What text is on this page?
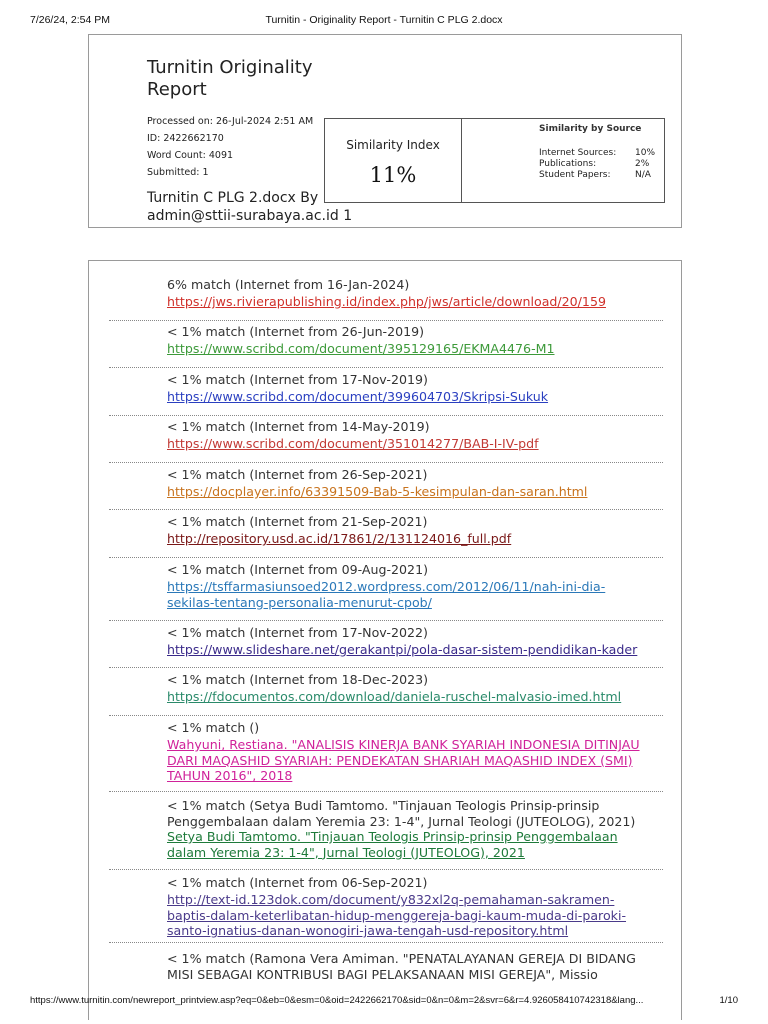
7/26/24, 2:54 PM	Turnitin - Originality Report - Turnitin C PLG 2.docx
Turnitin Originality Report
Processed on: 26-Jul-2024 2:51 AM
ID: 2422662170
Word Count: 4091
Submitted: 1
Turnitin C PLG 2.docx By admin@sttii-surabaya.ac.id 1
Similarity Index
11%
Similarity by Source
Internet Sources: 10%
Publications:	2%
Student Papers:	N/A
6% match (Internet from 16-Jan-2024)
https://jws.rivierapublishing.id/index.php/jws/article/download/20/159
< 1% match (Internet from 26-Jun-2019)
https://www.scribd.com/document/395129165/EKMA4476-M1
< 1% match (Internet from 17-Nov-2019)
https://www.scribd.com/document/399604703/Skripsi-Sukuk
< 1% match (Internet from 14-May-2019)
https://www.scribd.com/document/351014277/BAB-I-IV-pdf
< 1% match (Internet from 26-Sep-2021)
https://docplayer.info/63391509-Bab-5-kesimpulan-dan-saran.html
< 1% match (Internet from 21-Sep-2021)
http://repository.usd.ac.id/17861/2/131124016_full.pdf
< 1% match (Internet from 09-Aug-2021)
https://tsffarmasiunsoed2012.wordpress.com/2012/06/11/nah-ini-dia-sekilas-tentang-personalia-menurut-cpob/
< 1% match (Internet from 17-Nov-2022)
https://www.slideshare.net/gerakantpi/pola-dasar-sistem-pendidikan-kader
< 1% match (Internet from 18-Dec-2023)
https://fdocumentos.com/download/daniela-ruschel-malvasio-imed.html
< 1% match ()
Wahyuni, Restiana. "ANALISIS KINERJA BANK SYARIAH INDONESIA DITINJAU DARI MAQASHID SYARIAH: PENDEKATAN SHARIAH MAQASHID INDEX (SMI) TAHUN 2016", 2018
< 1% match (Setya Budi Tamtomo. "Tinjauan Teologis Prinsip-prinsip Penggembalaan dalam Yeremia 23: 1-4", Jurnal Teologi (JUTEOLOG), 2021)
Setya Budi Tamtomo. "Tinjauan Teologis Prinsip-prinsip Penggembalaan dalam Yeremia 23: 1-4", Jurnal Teologi (JUTEOLOG), 2021
< 1% match (Internet from 06-Sep-2021)
http://text-id.123dok.com/document/y832xl2q-pemahaman-sakramen-baptis-dalam-keterlibatan-hidup-menggereja-bagi-kaum-muda-di-paroki-santo-ignatius-danan-wonogiri-jawa-tengah-usd-repository.html
< 1% match (Ramona Vera Amiman. "PENATALAYANAN GEREJA DI BIDANG MISI SEBAGAI KONTRIBUSI BAGI PELAKSANAAN MISI GEREJA", Missio
https://www.turnitin.com/newreport_printview.asp?eq=0&eb=0&esm=0&oid=2422662170&sid=0&n=0&m=2&svr=6&r=4.926058410742318&lang...	1/10
